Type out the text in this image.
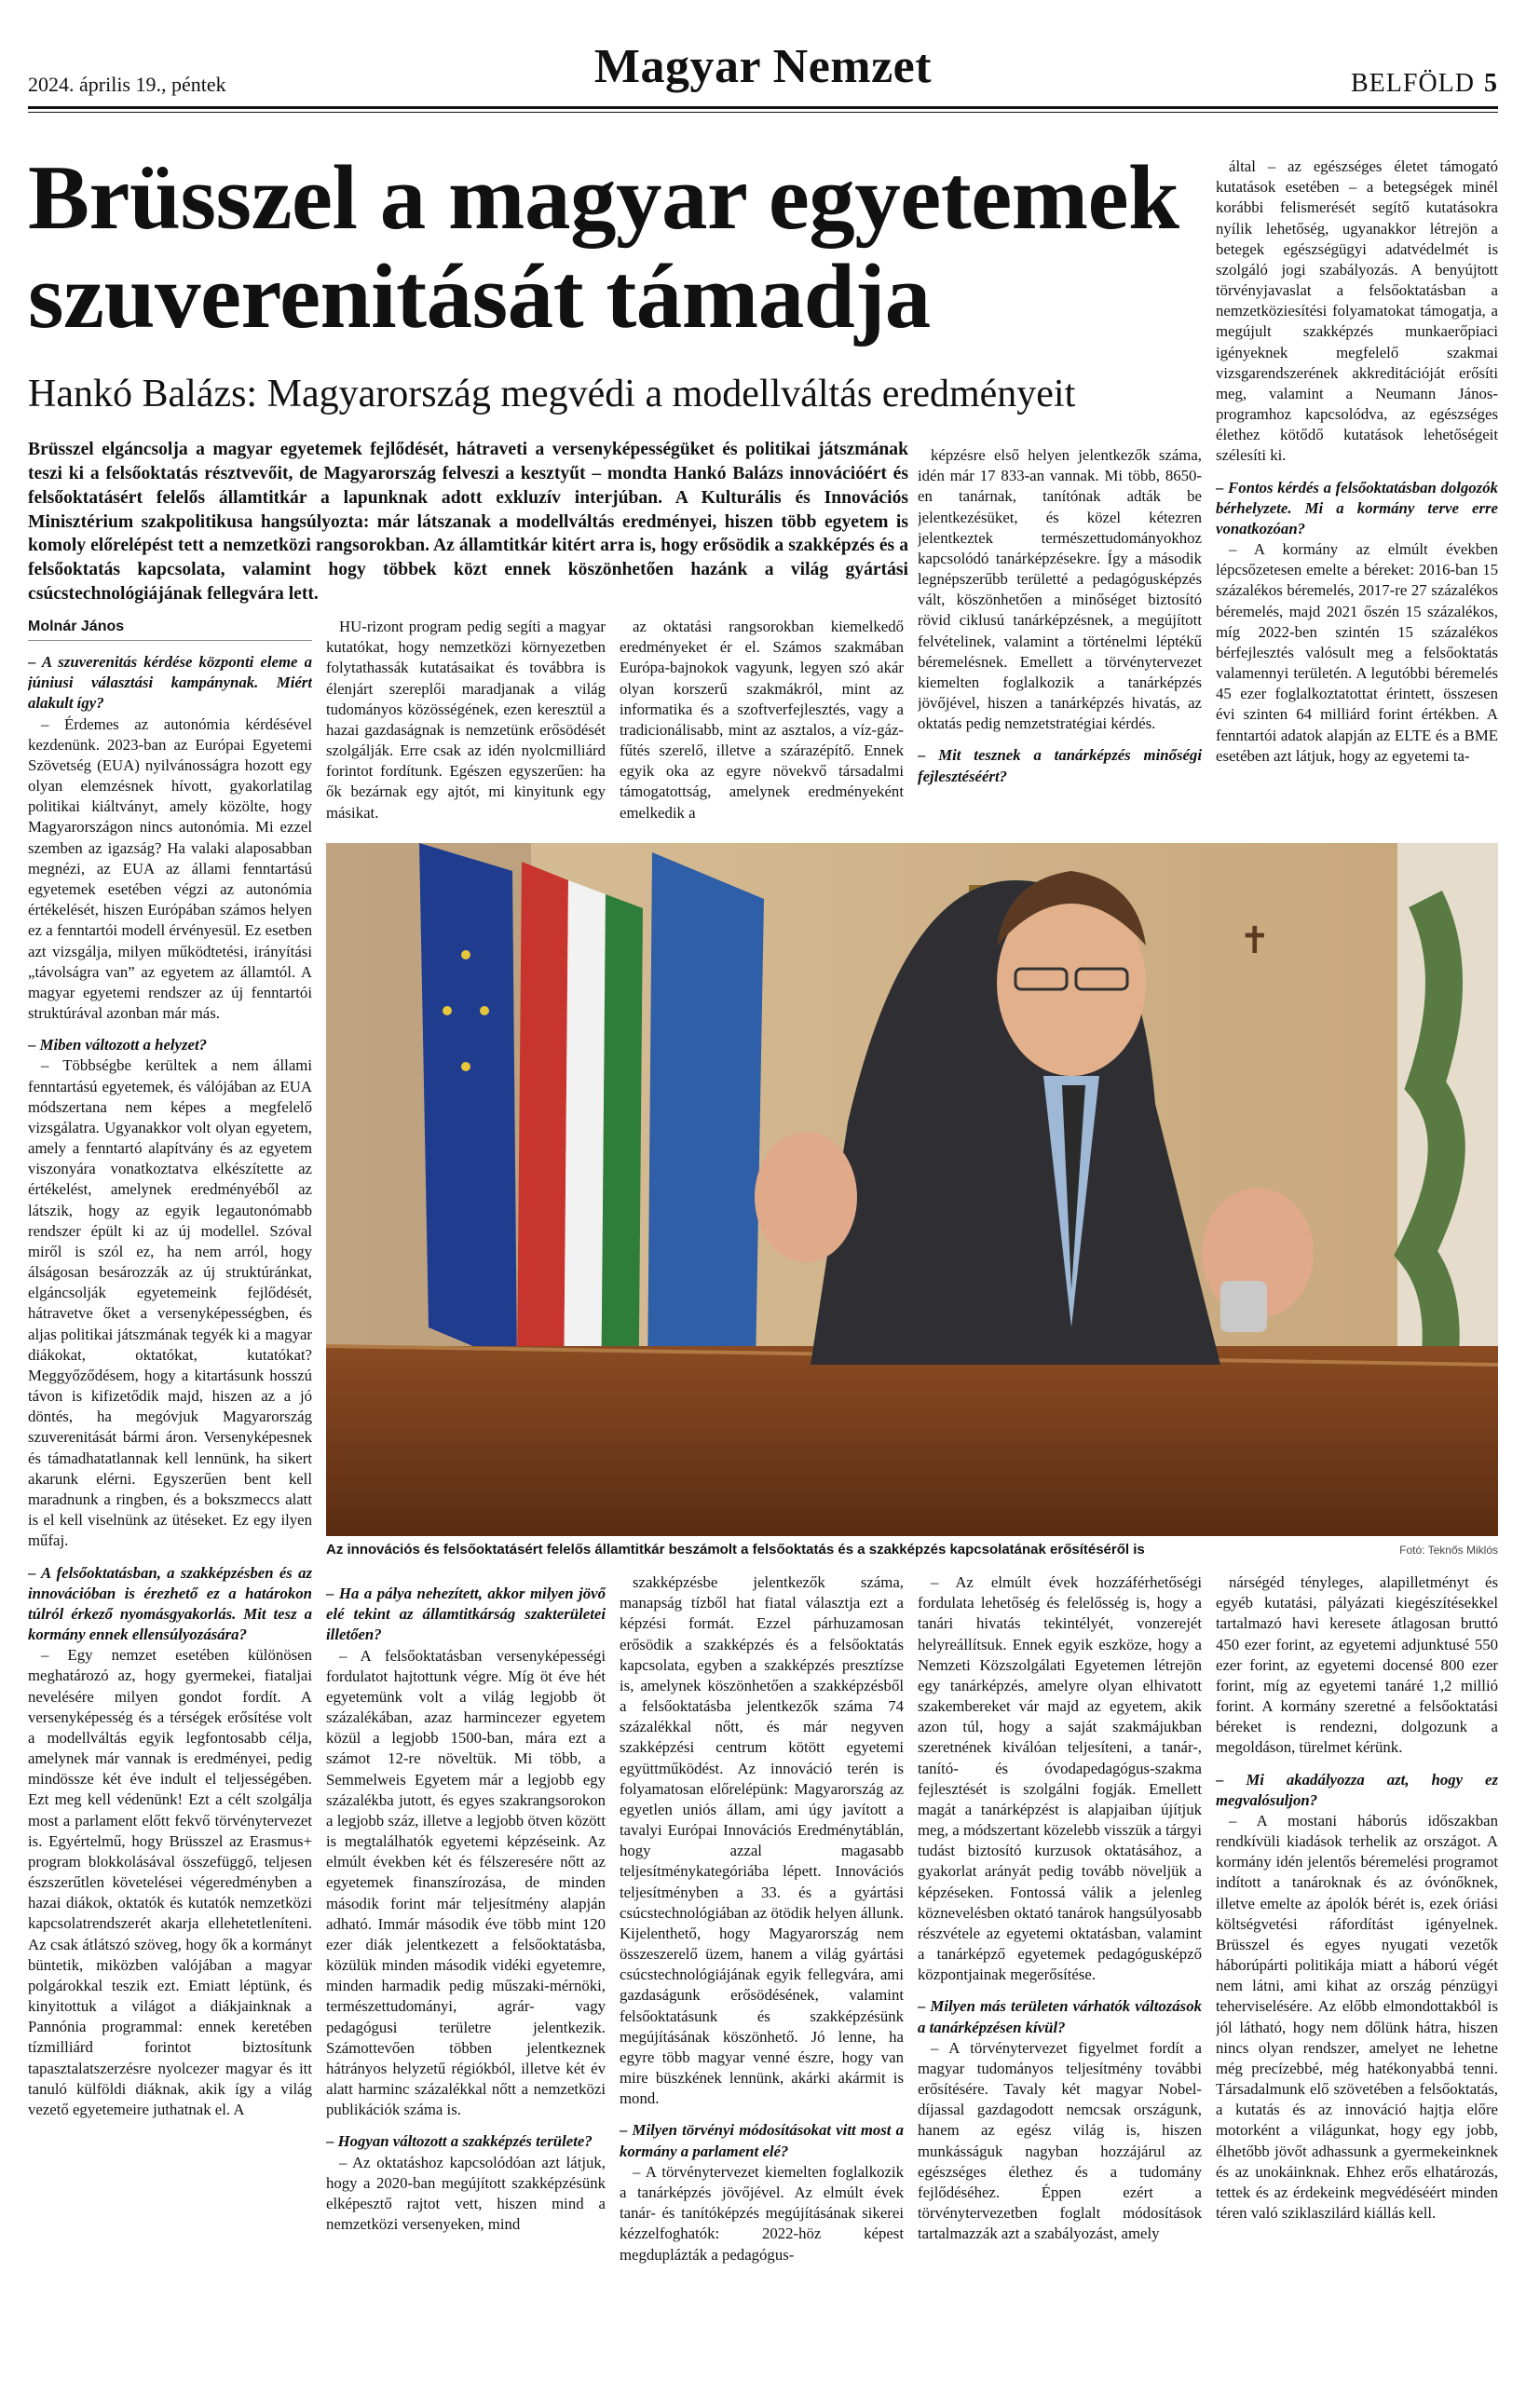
2024. április 19., péntek	Magyar Nemzet	BELFÖLD 5
Brüsszel a magyar egyetemek szuverenitását támadja
Hankó Balázs: Magyarország megvédi a modellváltás eredményeit

Brüsszel elgáncsolja a magyar egyetemek fejlődését, hátraveti a versenyképességüket és politikai játszmának teszi ki a felsőoktatás résztvevőit, de Magyarország felveszi a kesztyűt – mondta Hankó Balázs innovációért és felsőoktatásért felelős államtitkár a lapunknak adott exkluzív interjúban. A Kulturális és Innovációs Minisztérium szakpolitikusa hangsúlyozta: már látszanak a modellváltás eredményei, hiszen több egyetem is komoly előrelépést tett a nemzetközi rangsorokban. Az államtitkár kitért arra is, hogy erősödik a szakképzés és a felsőoktatás kapcsolata, valamint hogy többek közt ennek köszönhetően hazánk a világ gyártási csúcstechnológiájának fellegvára lett.

Molnár János

– A szuverenitás kérdése központi eleme a júniusi választási kampánynak. Miért alakult így?

– Érdemes az autonómia kérdésével kezdenünk. 2023-ban az Európai Egyetemi Szövetség (EUA) nyilvánosságra hozott egy olyan elemzésnek hívott, gyakorlatilag politikai kiáltványt, amely közölte, hogy Magyarországon nincs autonómia. Mi ezzel szemben az igazság? Ha valaki alaposabban megnézi, az EUA az állami fenntartású egyetemek esetében végzi az autonómia értékelését, hiszen Európában számos helyen ez a fenntartói modell érvényesül. Ez esetben azt vizsgálja, milyen működtetési, irányítási „távolságra van” az egyetem az államtól. A magyar egyetemi rendszer az új fenntartói struktúrával azonban már más.

– Miben változott a helyzet?

– Többségbe kerültek a nem állami fenntartású egyetemek, és válójában az EUA módszertana nem képes a megfelelő vizsgálatra. Ugyanakkor volt olyan egyetem, amely a fenntartó alapítvány és az egyetem viszonyára vonatkoztatva elkészítette az értékelést, amelynek eredményéből az látszik, hogy az egyik legautonómabb rendszer épült ki az új modellel. Szóval miről is szól ez, ha nem arról, hogy álságosan besározzák az új struktúránkat, elgáncsolják egyetemeink fejlődését, hátravetve őket a versenyképességben, és aljas politikai játszmának tegyék ki a magyar diákokat, oktatókat, kutatókat? Meggyőződésem, hogy a kitartásunk hosszú távon is kifizetődik majd, hiszen az a jó döntés, ha megóvjuk Magyarország szuverenitását bármi áron. Versenyképesnek és támadhatatlannak kell lennünk, ha sikert akarunk elérni. Egyszerűen bent kell maradnunk a ringben, és a bokszmeccs alatt is el kell viselnünk az ütéseket. Ez egy ilyen műfaj.

– A felsőoktatásban, a szakképzésben és az innovációban is érezhető ez a határokon túlról érkező nyomásgyakorlás. Mit tesz a kormány ennek ellensúlyozására?

– Egy nemzet esetében különösen meghatározó az, hogy gyermekei, fiataljai nevelésére milyen gondot fordít. A versenyképesség és a térségek erősítése volt a modellváltás egyik legfontosabb célja, amelynek már vannak is eredményei, pedig mindössze két éve indult el teljességében. Ezt meg kell védenünk! Ezt a célt szolgálja most a parlament előtt fekvő törvénytervezet is. Egyértelmű, hogy Brüsszel az Erasmus+ program blokkolásával összefüggő, teljesen észszerűtlen követelései végeredményben a hazai diákok, oktatók és kutatók nemzetközi kapcsolatrendszerét akarja ellehetetleníteni. Az csak átlátszó szöveg, hogy ők a kormányt büntetik, miközben valójában a magyar polgárokkal teszik ezt. Emiatt léptünk, és kinyitottuk a világot a diákjainknak a Pannónia programmal: ennek keretében tízmilliárd forintot biztosítunk tapasztalatszerzésre nyolcezer magyar és itt tanuló külföldi diáknak, akik így a világ vezető egyetemeire juthatnak el. A

HU-rizont program pedig segíti a magyar kutatókat, hogy nemzetközi környezetben folytathassák kutatásaikat és továbbra is élenjárt szereplői maradjanak a világ tudományos közösségének, ezen keresztül a hazai gazdaságnak is nemzetünk erősödését szolgálják. Erre csak az idén nyolcmilliárd forintot fordítunk. Egészen egyszerűen: ha ők bezárnak egy ajtót, mi kinyitunk egy másikat.

az oktatási rangsorokban kiemelkedő eredményeket ér el. Számos szakmában Európa-bajnokok vagyunk, legyen szó akár olyan korszerű szakmákról, mint az informatika és a szoftverfejlesztés, vagy a tradicionálisabb, mint az asztalos, a víz-gáz-fűtés szerelő, illetve a szárazépítő. Ennek egyik oka az egyre növekvő társadalmi támogatottság, amelynek eredményeként emelkedik a

képzésre első helyen jelentkezők száma, idén már 17 833-an vannak. Mi több, 8650-en tanárnak, tanítónak adták be jelentkezésüket, és közel kétezren jelentkeztek természettudományokhoz kapcsolódó tanárképzésekre. Így a második legnépszerűbb területté a pedagógusképzés vált, köszönhetően a minőséget biztosító rövid ciklusú tanárképzésnek, a megújított felvételinek, valamint a történelmi léptékű béremelésnek. Emellett a törvénytervezet kiemelten foglalkozik a tanárképzés jövőjével, hiszen a tanárképzés hivatás, az oktatás pedig nemzetstratégiai kérdés.

– Mit tesznek a tanárképzés minőségi fejlesztéséért?

által – az egészséges életet támogató kutatások esetében – a betegségek minél korábbi felismerését segítő kutatásokra nyílik lehetőség, ugyanakkor létrejön a betegek egészségügyi adatvédelmét is szolgáló jogi szabályozás. A benyújtott törvényjavaslat a felsőoktatásban a nemzetköziesítési folyamatokat támogatja, a megújult szakképzés munkaerőpiaci igényeknek megfelelő szakmai vizsgarendszerének akkreditációját erősíti meg, valamint a Neumann János-programhoz kapcsolódva, az egészséges élethez kötődő kutatások lehetőségeit szélesíti ki.

– Fontos kérdés a felsőoktatásban dolgozók bérhelyzete. Mi a kormány terve erre vonatkozóan?

– A kormány az elmúlt években lépcsőzetesen emelte a béreket: 2016-ban 15 százalékos béremelés, 2017-re 27 százalékos béremelés, majd 2021 őszén 15 százalékos, míg 2022-ben szintén 15 százalékos bérfejlesztés valósult meg a felsőoktatás valamennyi területén. A legutóbbi béremelés 45 ezer foglalkoztatottat érintett, összesen évi szinten 64 milliárd forint értékben. A fenntartói adatok alapján az ELTE és a BME esetében azt látjuk, hogy az egyetemi ta-

✝
Az innovációs és felsőoktatásért felelős államtitkár beszámolt a felsőoktatás és a szakképzés kapcsolatának erősítéséről is	Fotó: Teknős Miklós

– Ha a pálya nehezített, akkor milyen jövő elé tekint az államtitkárság szakterületei illetően?

– A felsőoktatásban versenyképességi fordulatot hajtottunk végre. Míg öt éve hét egyetemünk volt a világ legjobb öt százalékában, azaz harmincezer egyetem közül a legjobb 1500-ban, mára ezt a számot 12-re növeltük. Mi több, a Semmelweis Egyetem már a legjobb egy százalékba jutott, és egyes szakrangsorokon a legjobb száz, illetve a legjobb ötven között is megtalálhatók egyetemi képzéseink. Az elmúlt években két és félszeresére nőtt az egyetemek finanszírozása, de minden második forint már teljesítmény alapján adható. Immár második éve több mint 120 ezer diák jelentkezett a felsőoktatásba, közülük minden második vidéki egyetemre, minden harmadik pedig műszaki-mérnöki, természettudományi, agrár- vagy pedagógusi területre jelentkezik. Számottevően többen jelentkeznek hátrányos helyzetű régiókból, illetve két év alatt harminc százalékkal nőtt a nemzetközi publikációk száma is.

– Hogyan változott a szakképzés területe?

– Az oktatáshoz kapcsolódóan azt látjuk, hogy a 2020-ban megújított szakképzésünk elképesztő rajtot vett, hiszen mind a nemzetközi versenyeken, mind

szakképzésbe jelentkezők száma, manapság tízből hat fiatal választja ezt a képzési formát. Ezzel párhuzamosan erősödik a szakképzés és a felsőoktatás kapcsolata, egyben a szakképzés presztízse is, amelynek köszönhetően a szakképzésből a felsőoktatásba jelentkezők száma 74 százalékkal nőtt, és már negyven szakképzési centrum kötött egyetemi együttműködést. Az innováció terén is folyamatosan előrelépünk: Magyarország az egyetlen uniós állam, ami úgy javított a tavalyi Európai Innovációs Eredménytáblán, hogy azzal magasabb teljesítménykategóriába lépett. Innovációs teljesítményben a 33. és a gyártási csúcstechnológiában az ötödik helyen állunk. Kijelenthető, hogy Magyarország nem összeszerelő üzem, hanem a világ gyártási csúcstechnológiájának egyik fellegvára, ami gazdaságunk erősödésének, valamint felsőoktatásunk és szakképzésünk megújításának köszönhető. Jó lenne, ha egyre több magyar venné észre, hogy van mire büszkének lennünk, akárki akármit is mond.

– Milyen törvényi módosításokat vitt most a kormány a parlament elé?

– A törvénytervezet kiemelten foglalkozik a tanárképzés jövőjével. Az elmúlt évek tanár- és tanítóképzés megújításának sikerei kézzelfoghatók: 2022-höz képest megduplázták a pedagógus-

– Az elmúlt évek hozzáférhetőségi fordulata lehetőség és felelősség is, hogy a tanári hivatás tekintélyét, vonzerejét helyreállítsuk. Ennek egyik eszköze, hogy a Nemzeti Közszolgálati Egyetemen létrejön egy tanárképzés, amelyre olyan elhivatott szakembereket vár majd az egyetem, akik azon túl, hogy a saját szakmájukban szeretnének kiválóan teljesíteni, a tanár-, tanító- és óvodapedagógus-szakma fejlesztését is szolgálni fogják. Emellett magát a tanárképzést is alapjaiban újítjuk meg, a módszertant közelebb visszük a tárgyi tudást biztosító kurzusok oktatásához, a gyakorlat arányát pedig tovább növeljük a képzéseken. Fontossá válik a jelenleg köznevelésben oktató tanárok hangsúlyosabb részvétele az egyetemi oktatásban, valamint a tanárképző egyetemek pedagógusképző központjainak megerősítése.

– Milyen más területen várhatók változások a tanárképzésen kívül?

– A törvénytervezet figyelmet fordít a magyar tudományos teljesítmény további erősítésére. Tavaly két magyar Nobel-díjassal gazdagodott nemcsak országunk, hanem az egész világ is, hiszen munkásságuk nagyban hozzájárul az egészséges élethez és a tudomány fejlődéséhez. Éppen ezért a törvénytervezetben foglalt módosítások tartalmazzák azt a szabályozást, amely

nárségéd tényleges, alapilletményt és egyéb kutatási, pályázati kiegészítésekkel tartalmazó havi keresete átlagosan bruttó 450 ezer forint, az egyetemi adjunktusé 550 ezer forint, az egyetemi docensé 800 ezer forint, míg az egyetemi tanáré 1,2 millió forint. A kormány szeretné a felsőoktatási béreket is rendezni, dolgozunk a megoldáson, türelmet kérünk.

– Mi akadályozza azt, hogy ez megvalósuljon?

– A mostani háborús időszakban rendkívüli kiadások terhelik az országot. A kormány idén jelentős béremelési programot indított a tanároknak és az óvónőknek, illetve emelte az ápolók bérét is, ezek óriási költségvetési ráfordítást igényelnek. Brüsszel és egyes nyugati vezetők háborúpárti politikája miatt a háború végét nem látni, ami kihat az ország pénzügyi teherviselésére. Az előbb elmondottakból is jól látható, hogy nem dőlünk hátra, hiszen nincs olyan rendszer, amelyet ne lehetne még precízebbé, még hatékonyabbá tenni. Társadalmunk elő szövetében a felsőoktatás, a kutatás és az innováció hajtja előre motorként a világunkat, hogy egy jobb, élhetőbb jövőt adhassunk a gyermekeinknek és az unokáinknak. Ehhez erős elhatározás, tettek és az érdekeink megvédéséért minden téren való sziklaszilárd kiállás kell.
